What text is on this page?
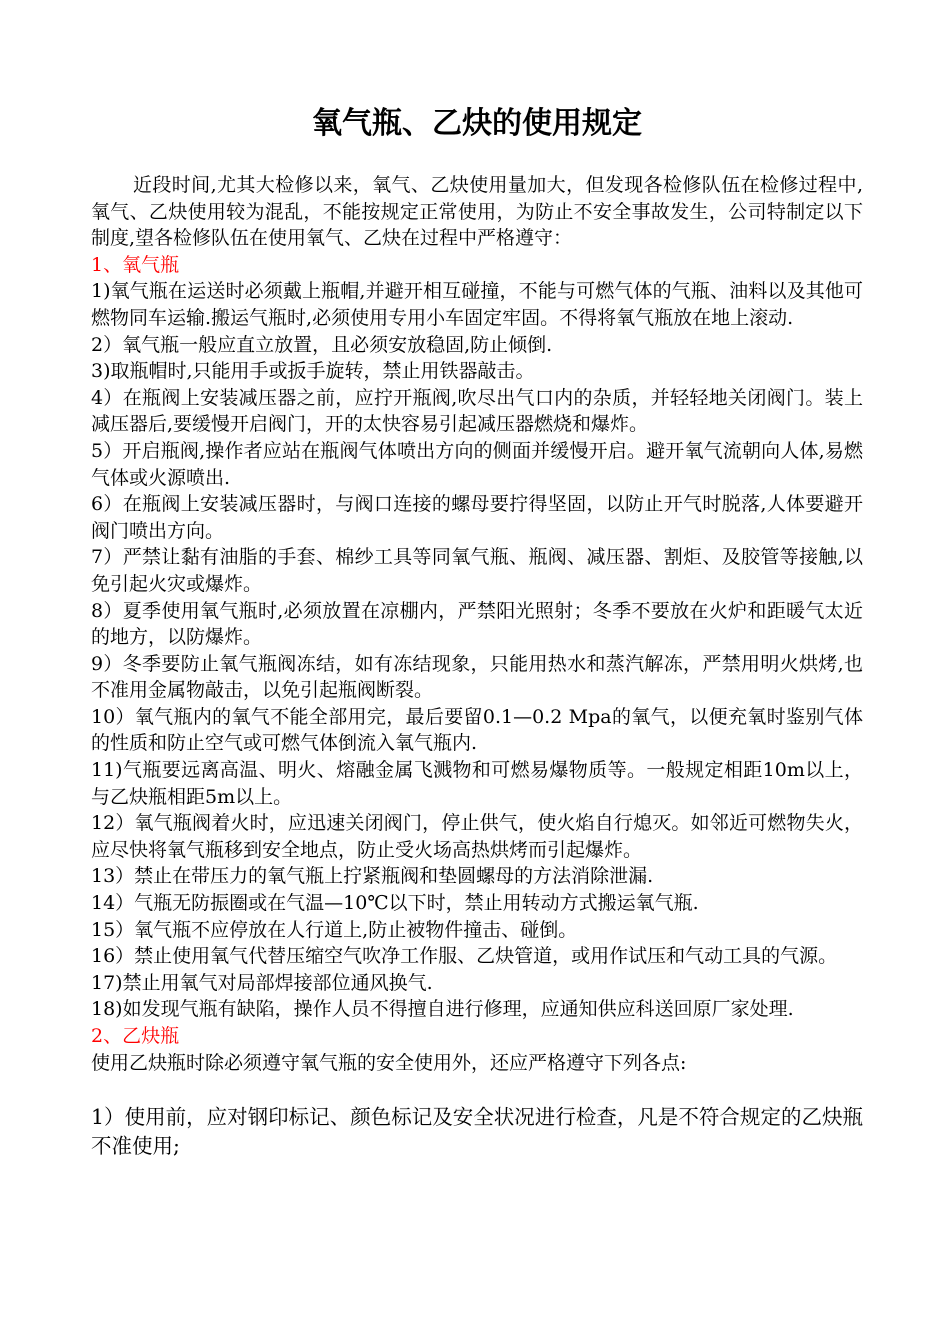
氧气瓶、乙炔的使用规定

近段时间,尤其大检修以来，氧气、乙炔使用量加大，但发现各检修队伍在检修过程中,氧气、乙炔使用较为混乱，不能按规定正常使用，为防止不安全事故发生，公司特制定以下制度,望各检修队伍在使用氧气、乙炔在过程中严格遵守：

1、氧气瓶

1)氧气瓶在运送时必须戴上瓶帽,并避开相互碰撞，不能与可燃气体的气瓶、油料以及其他可燃物同车运输.搬运气瓶时,必须使用专用小车固定牢固。不得将氧气瓶放在地上滚动.

2）氧气瓶一般应直立放置，且必须安放稳固,防止倾倒.

3)取瓶帽时,只能用手或扳手旋转，禁止用铁器敲击。

4）在瓶阀上安装减压器之前，应拧开瓶阀,吹尽出气口内的杂质，并轻轻地关闭阀门。装上减压器后,要缓慢开启阀门，开的太快容易引起减压器燃烧和爆炸。

5）开启瓶阀,操作者应站在瓶阀气体喷出方向的侧面并缓慢开启。避开氧气流朝向人体,易燃气体或火源喷出.

6）在瓶阀上安装减压器时，与阀口连接的螺母要拧得坚固，以防止开气时脱落,人体要避开阀门喷出方向。

7）严禁让黏有油脂的手套、棉纱工具等同氧气瓶、瓶阀、减压器、割炬、及胶管等接触,以免引起火灾或爆炸。

8）夏季使用氧气瓶时,必须放置在凉棚内，严禁阳光照射；冬季不要放在火炉和距暖气太近的地方，以防爆炸。

9）冬季要防止氧气瓶阀冻结，如有冻结现象，只能用热水和蒸汽解冻，严禁用明火烘烤,也不准用金属物敲击，以免引起瓶阀断裂。

10）氧气瓶内的氧气不能全部用完，最后要留0.1—0.2 Mpa的氧气，以便充氧时鉴别气体的性质和防止空气或可燃气体倒流入氧气瓶内.

11)气瓶要远离高温、明火、熔融金属飞溅物和可燃易爆物质等。一般规定相距10m以上，与乙炔瓶相距5m以上。

12）氧气瓶阀着火时，应迅速关闭阀门，停止供气，使火焰自行熄灭。如邻近可燃物失火，应尽快将氧气瓶移到安全地点，防止受火场高热烘烤而引起爆炸。

13）禁止在带压力的氧气瓶上拧紧瓶阀和垫圆螺母的方法消除泄漏.

14）气瓶无防振圈或在气温—10℃以下时，禁止用转动方式搬运氧气瓶.

15）氧气瓶不应停放在人行道上,防止被物件撞击、碰倒。

16）禁止使用氧气代替压缩空气吹净工作服、乙炔管道，或用作试压和气动工具的气源。

17)禁止用氧气对局部焊接部位通风换气.

18)如发现气瓶有缺陷，操作人员不得擅自进行修理，应通知供应科送回原厂家处理.

2、乙炔瓶

使用乙炔瓶时除必须遵守氧气瓶的安全使用外，还应严格遵守下列各点:

1）使用前，应对钢印标记、颜色标记及安全状况进行检查，凡是不符合规定的乙炔瓶不准使用;
